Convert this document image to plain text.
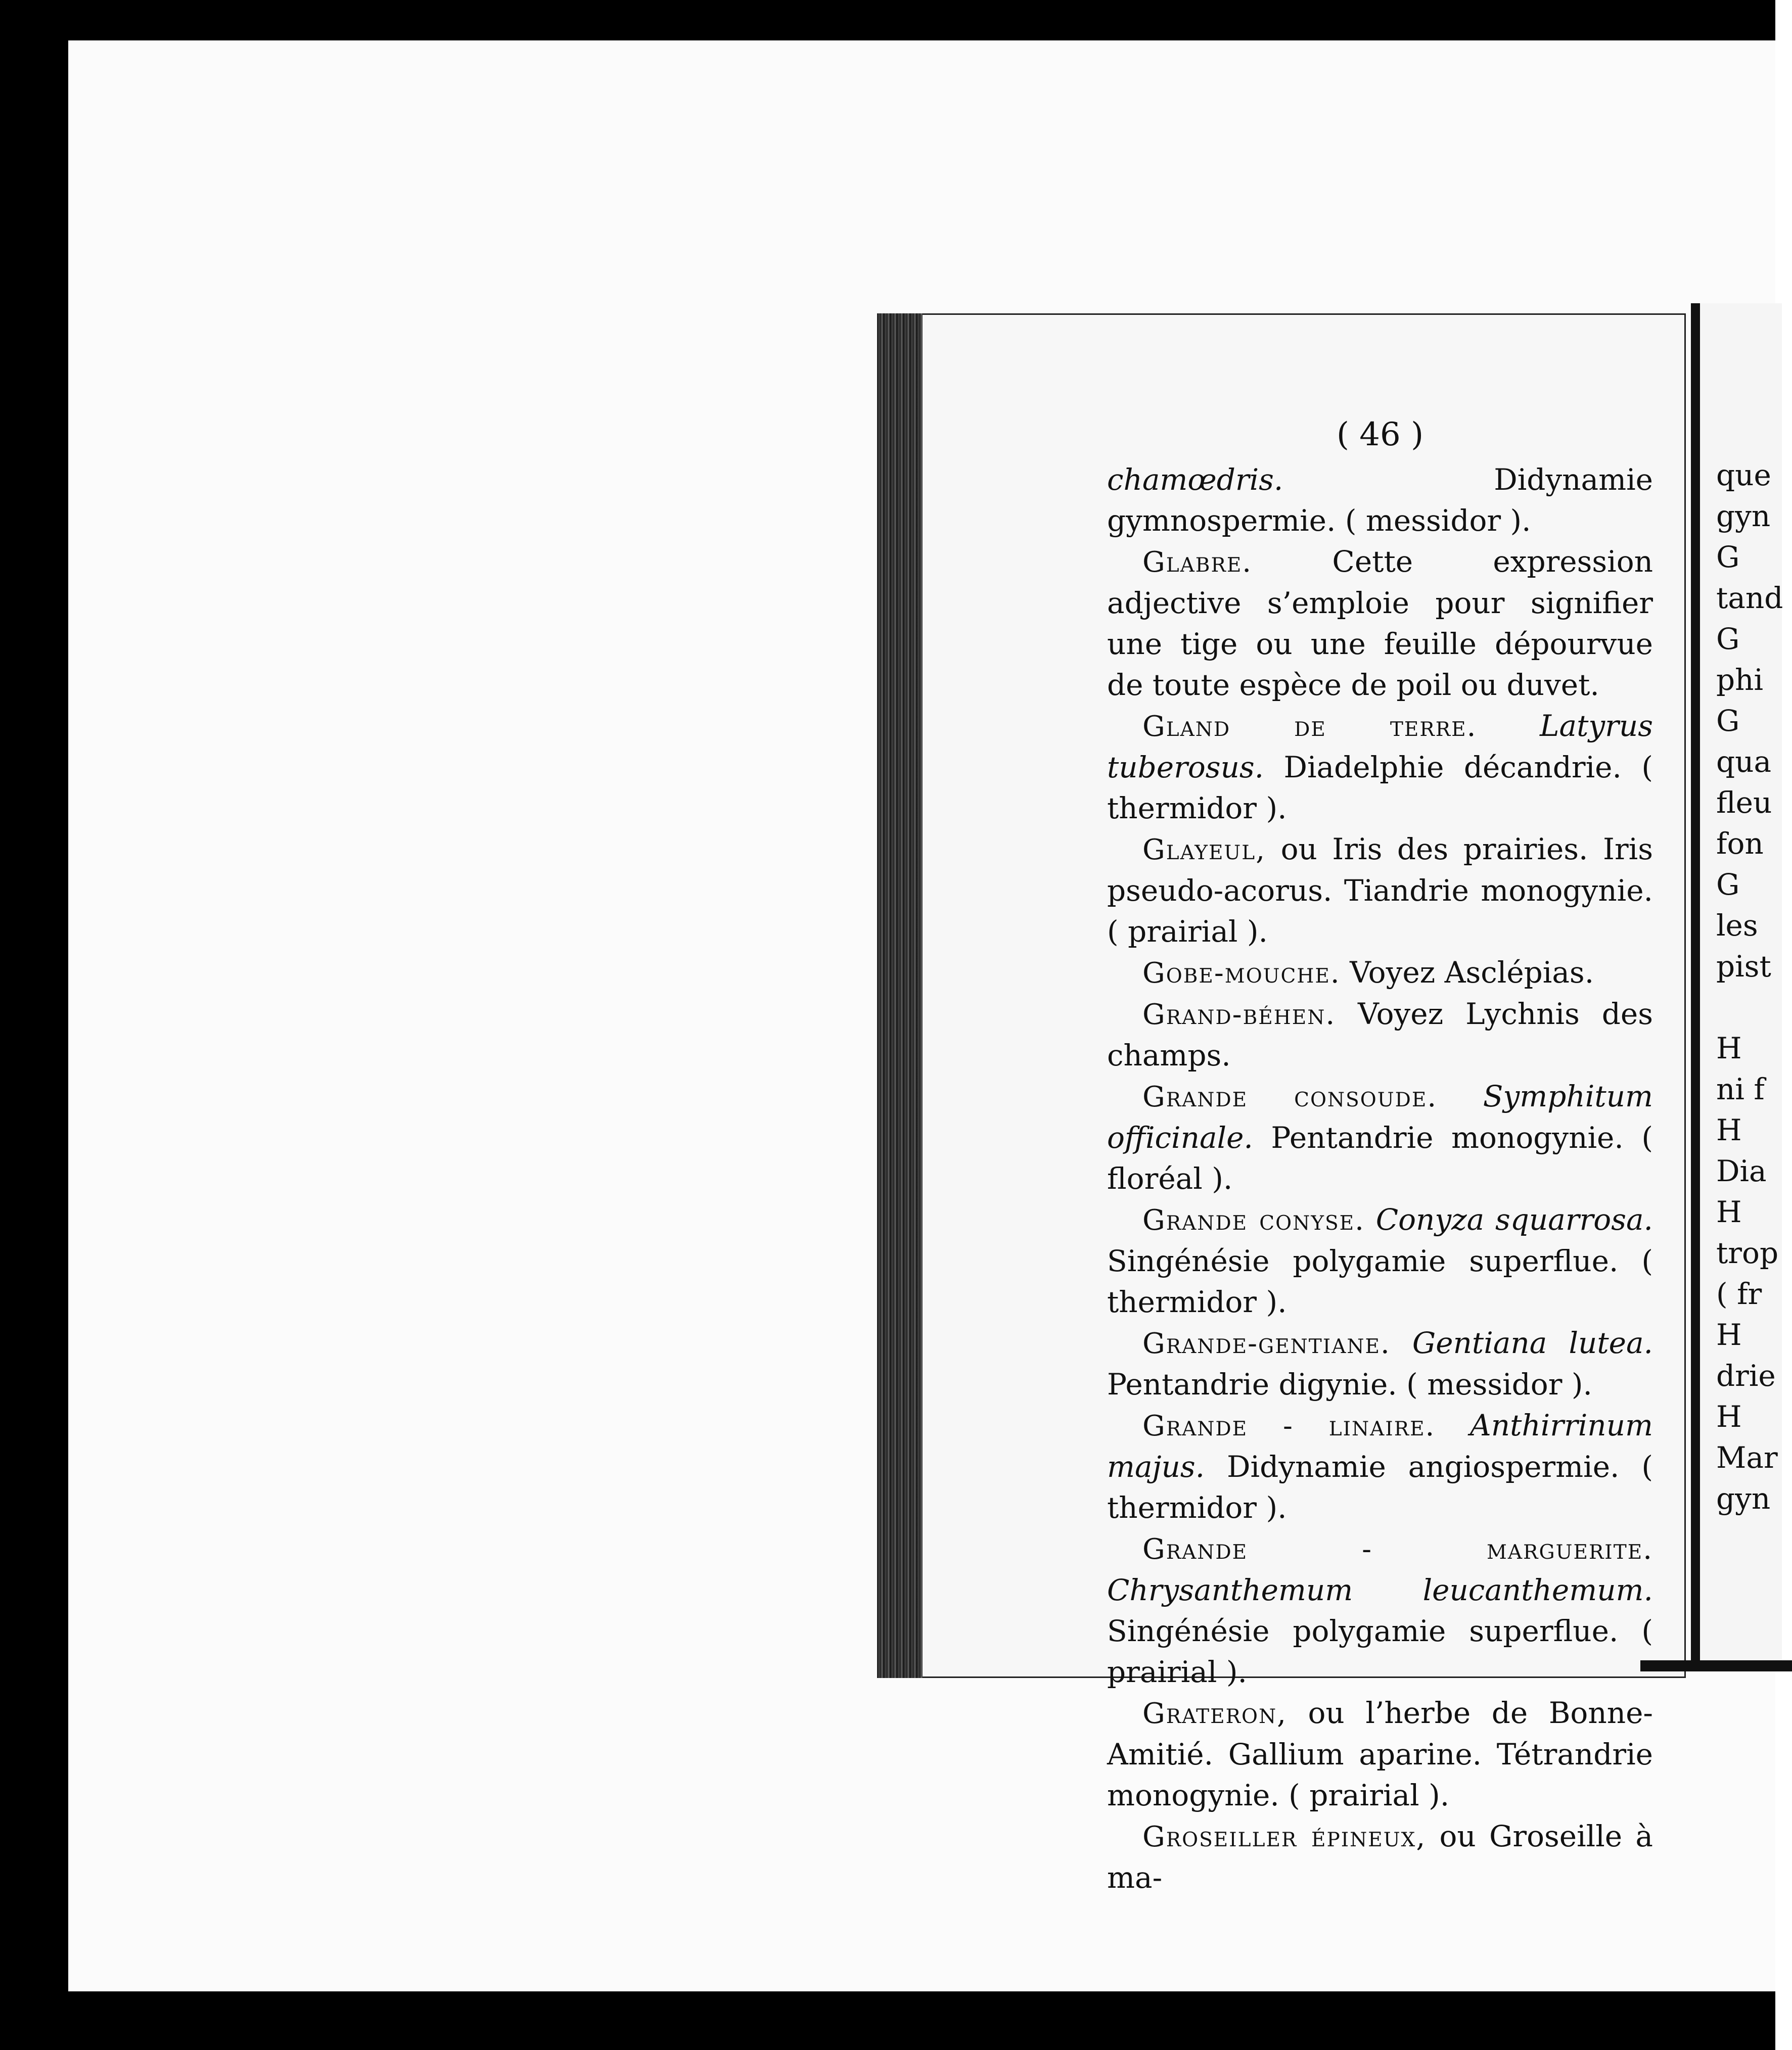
( 46 )

chamœdris. Didynamie gymnospermie. ( messidor ).

Glabre. Cette expression adjective s’emploie pour signifier une tige ou une feuille dépourvue de toute espèce de poil ou duvet.

Gland de terre. Latyrus tuberosus. Diadelphie décandrie. ( thermidor ).

Glayeul, ou Iris des prairies. Iris pseudo-acorus. Tiandrie monogynie. ( prairial ).

Gobe-mouche. Voyez Asclépias.

Grand-béhen. Voyez Lychnis des champs.

Grande consoude. Symphitum officinale. Pentandrie monogynie. ( floréal ).

Grande conyse. Conyza squarrosa. Singénésie polygamie superflue. ( thermidor ).

Grande-gentiane. Gentiana lutea. Pentandrie digynie. ( messidor ).

Grande - linaire. Anthirrinum majus. Didynamie angiospermie. ( thermidor ).

Grande - marguerite. Chrysanthemum leucanthemum. Singénésie polygamie superflue. ( prairial ).

Grateron, ou l’herbe de Bonne-Amitié. Gallium aparine. Tétrandrie monogynie. ( prairial ).

Groseiller épineux, ou Groseille à ma-

que
gyn
G
tand
G
phi
G
qua
fleu
fon
G
les
pist
H
ni f
H
Dia
H
trop
( fr
H
drie
H
Mar
gyn
